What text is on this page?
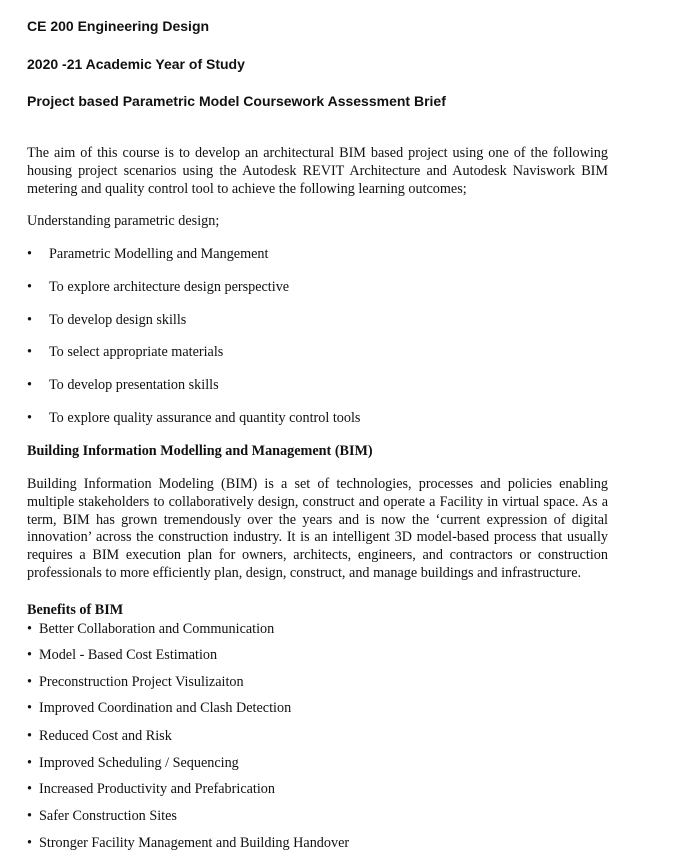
CE 200 Engineering Design
2020 -21 Academic Year of Study
Project based Parametric Model Coursework Assessment Brief

The aim of this course is to develop an architectural BIM based project using one of the following housing project scenarios using the Autodesk REVIT Architecture and Autodesk Naviswork BIM metering and quality control tool to achieve the following learning outcomes;

Understanding parametric design;
• Parametric Modelling and Mangement
• To explore architecture design perspective
• To develop design skills
• To select appropriate materials
• To develop presentation skills
• To explore quality assurance and quantity control tools
Building Information Modelling and Management (BIM)

Building Information Modeling (BIM) is a set of technologies, processes and policies enabling multiple stakeholders to collaboratively design, construct and operate a Facility in virtual space. As a term, BIM has grown tremendously over the years and is now the ‘current expression of digital innovation’ across the construction industry. It is an intelligent 3D model-based process that usually requires a BIM execution plan for owners, architects, engineers, and contractors or construction professionals to more efficiently plan, design, construct, and manage buildings and infrastructure.

Benefits of BIM
• Better Collaboration and Communication
• Model - Based Cost Estimation
• Preconstruction Project Visulizaiton
• Improved Coordination and Clash Detection
• Reduced Cost and Risk
• Improved Scheduling / Sequencing
• Increased Productivity and Prefabrication
• Safer Construction Sites
• Stronger Facility Management and Building Handover
